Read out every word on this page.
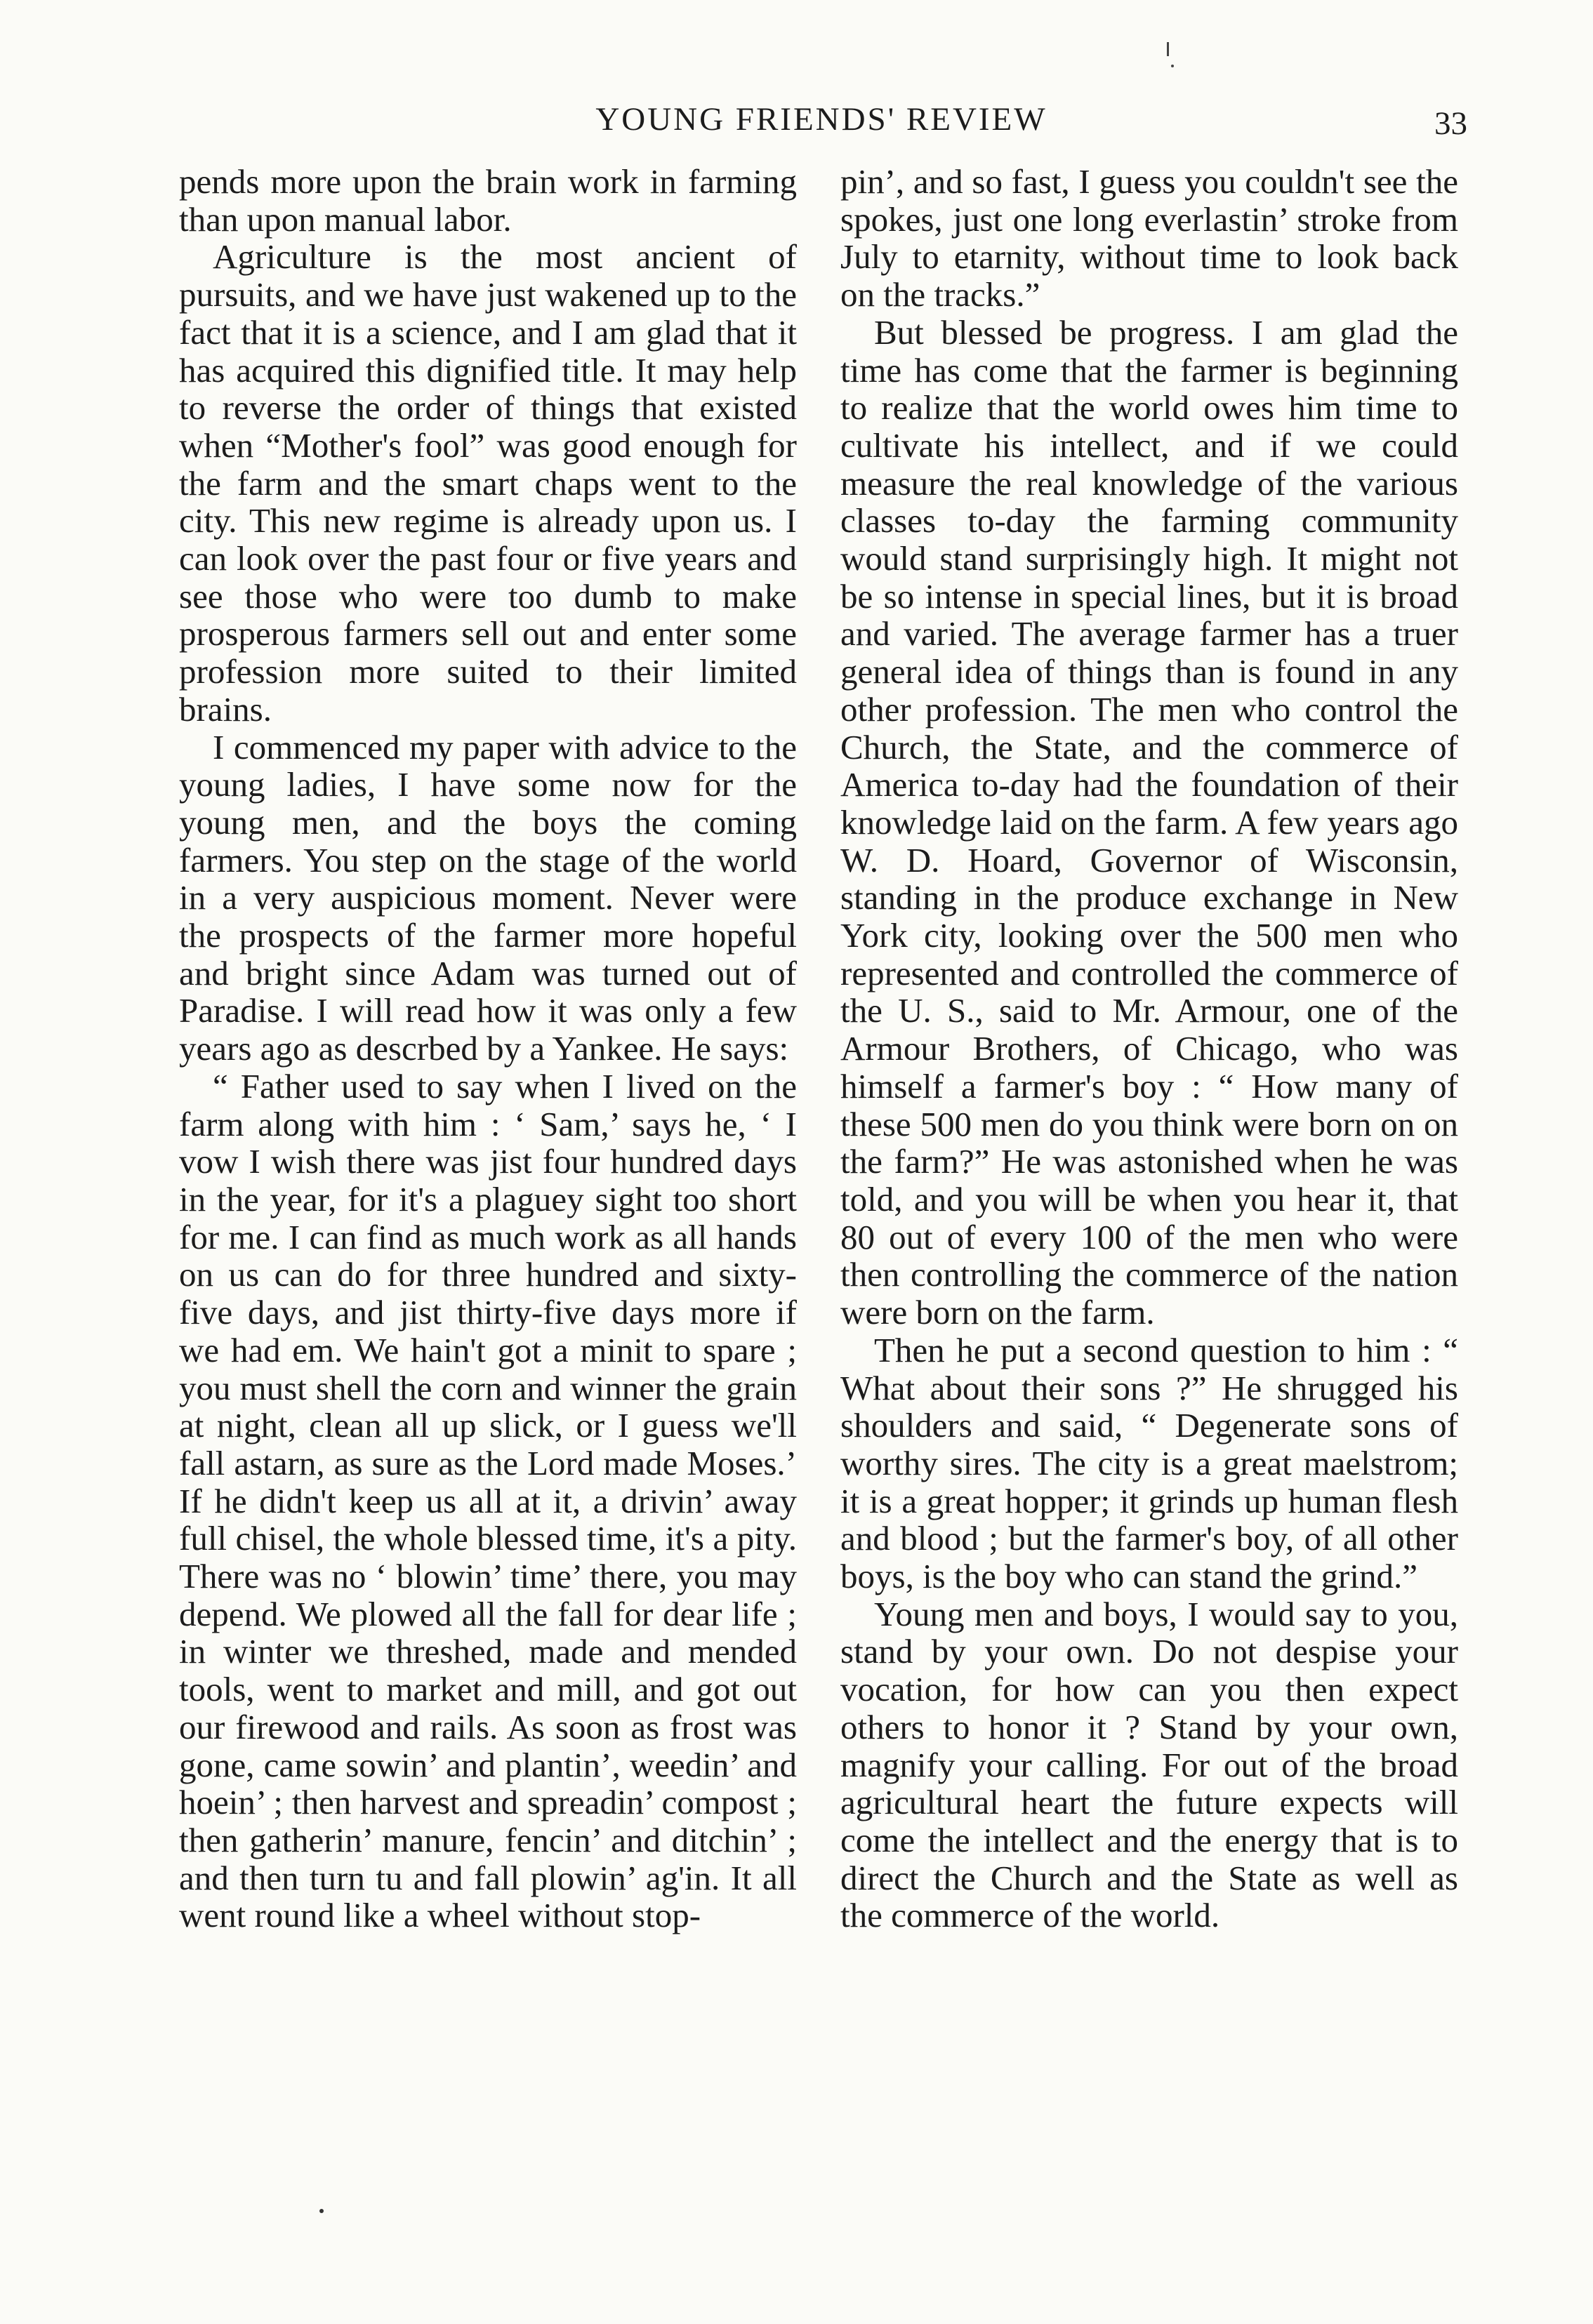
YOUNG FRIENDS' REVIEW	33

pends more upon the brain work in farming than upon manual labor.

Agriculture is the most ancient of pursuits, and we have just wakened up to the fact that it is a science, and I am glad that it has acquired this dignified title. It may help to reverse the order of things that existed when “Mother's fool” was good enough for the farm and the smart chaps went to the city. This new regime is already upon us. I can look over the past four or five years and see those who were too dumb to make prosperous farmers sell out and enter some profession more suited to their limited brains.

I commenced my paper with advice to the young ladies, I have some now for the young men, and the boys the coming farmers. You step on the stage of the world in a very auspicious moment. Never were the prospects of the farmer more hopeful and bright since Adam was turned out of Paradise. I will read how it was only a few years ago as descrbed by a Yankee. He says:

“ Father used to say when I lived on the farm along with him : ‘ Sam,’ says he, ‘ I vow I wish there was jist four hundred days in the year, for it's a plaguey sight too short for me. I can find as much work as all hands on us can do for three hundred and sixty-five days, and jist thirty-five days more if we had em. We hain't got a minit to spare ; you must shell the corn and winner the grain at night, clean all up slick, or I guess we'll fall astarn, as sure as the Lord made Moses.’ If he didn't keep us all at it, a drivin’ away full chisel, the whole blessed time, it's a pity. There was no ‘ blowin’ time’ there, you may depend. We plowed all the fall for dear life ; in winter we threshed, made and mended tools, went to market and mill, and got out our firewood and rails. As soon as frost was gone, came sowin’ and plantin’, weedin’ and hoein’ ; then harvest and spreadin’ compost ; then gatherin’ manure, fencin’ and ditchin’ ; and then turn tu and fall plowin’ ag'in. It all went round like a wheel without stop-

pin’, and so fast, I guess you couldn't see the spokes, just one long everlastin’ stroke from July to etarnity, without time to look back on the tracks.”

But blessed be progress. I am glad the time has come that the farmer is beginning to realize that the world owes him time to cultivate his intellect, and if we could measure the real knowledge of the various classes to-day the farming community would stand surprisingly high. It might not be so intense in special lines, but it is broad and varied. The average farmer has a truer general idea of things than is found in any other profession. The men who control the Church, the State, and the commerce of America to-day had the foundation of their knowledge laid on the farm. A few years ago W. D. Hoard, Governor of Wisconsin, standing in the produce exchange in New York city, looking over the 500 men who represented and controlled the commerce of the U. S., said to Mr. Armour, one of the Armour Brothers, of Chicago, who was himself a farmer's boy : “ How many of these 500 men do you think were born on on the farm?” He was astonished when he was told, and you will be when you hear it, that 80 out of every 100 of the men who were then controlling the commerce of the nation were born on the farm.

Then he put a second question to him : “ What about their sons ?” He shrugged his shoulders and said, “ Degenerate sons of worthy sires. The city is a great maelstrom; it is a great hopper; it grinds up human flesh and blood ; but the farmer's boy, of all other boys, is the boy who can stand the grind.”

Young men and boys, I would say to you, stand by your own. Do not despise your vocation, for how can you then expect others to honor it ? Stand by your own, magnify your calling. For out of the broad agricultural heart the future expects will come the intellect and the energy that is to direct the Church and the State as well as the commerce of the world.
